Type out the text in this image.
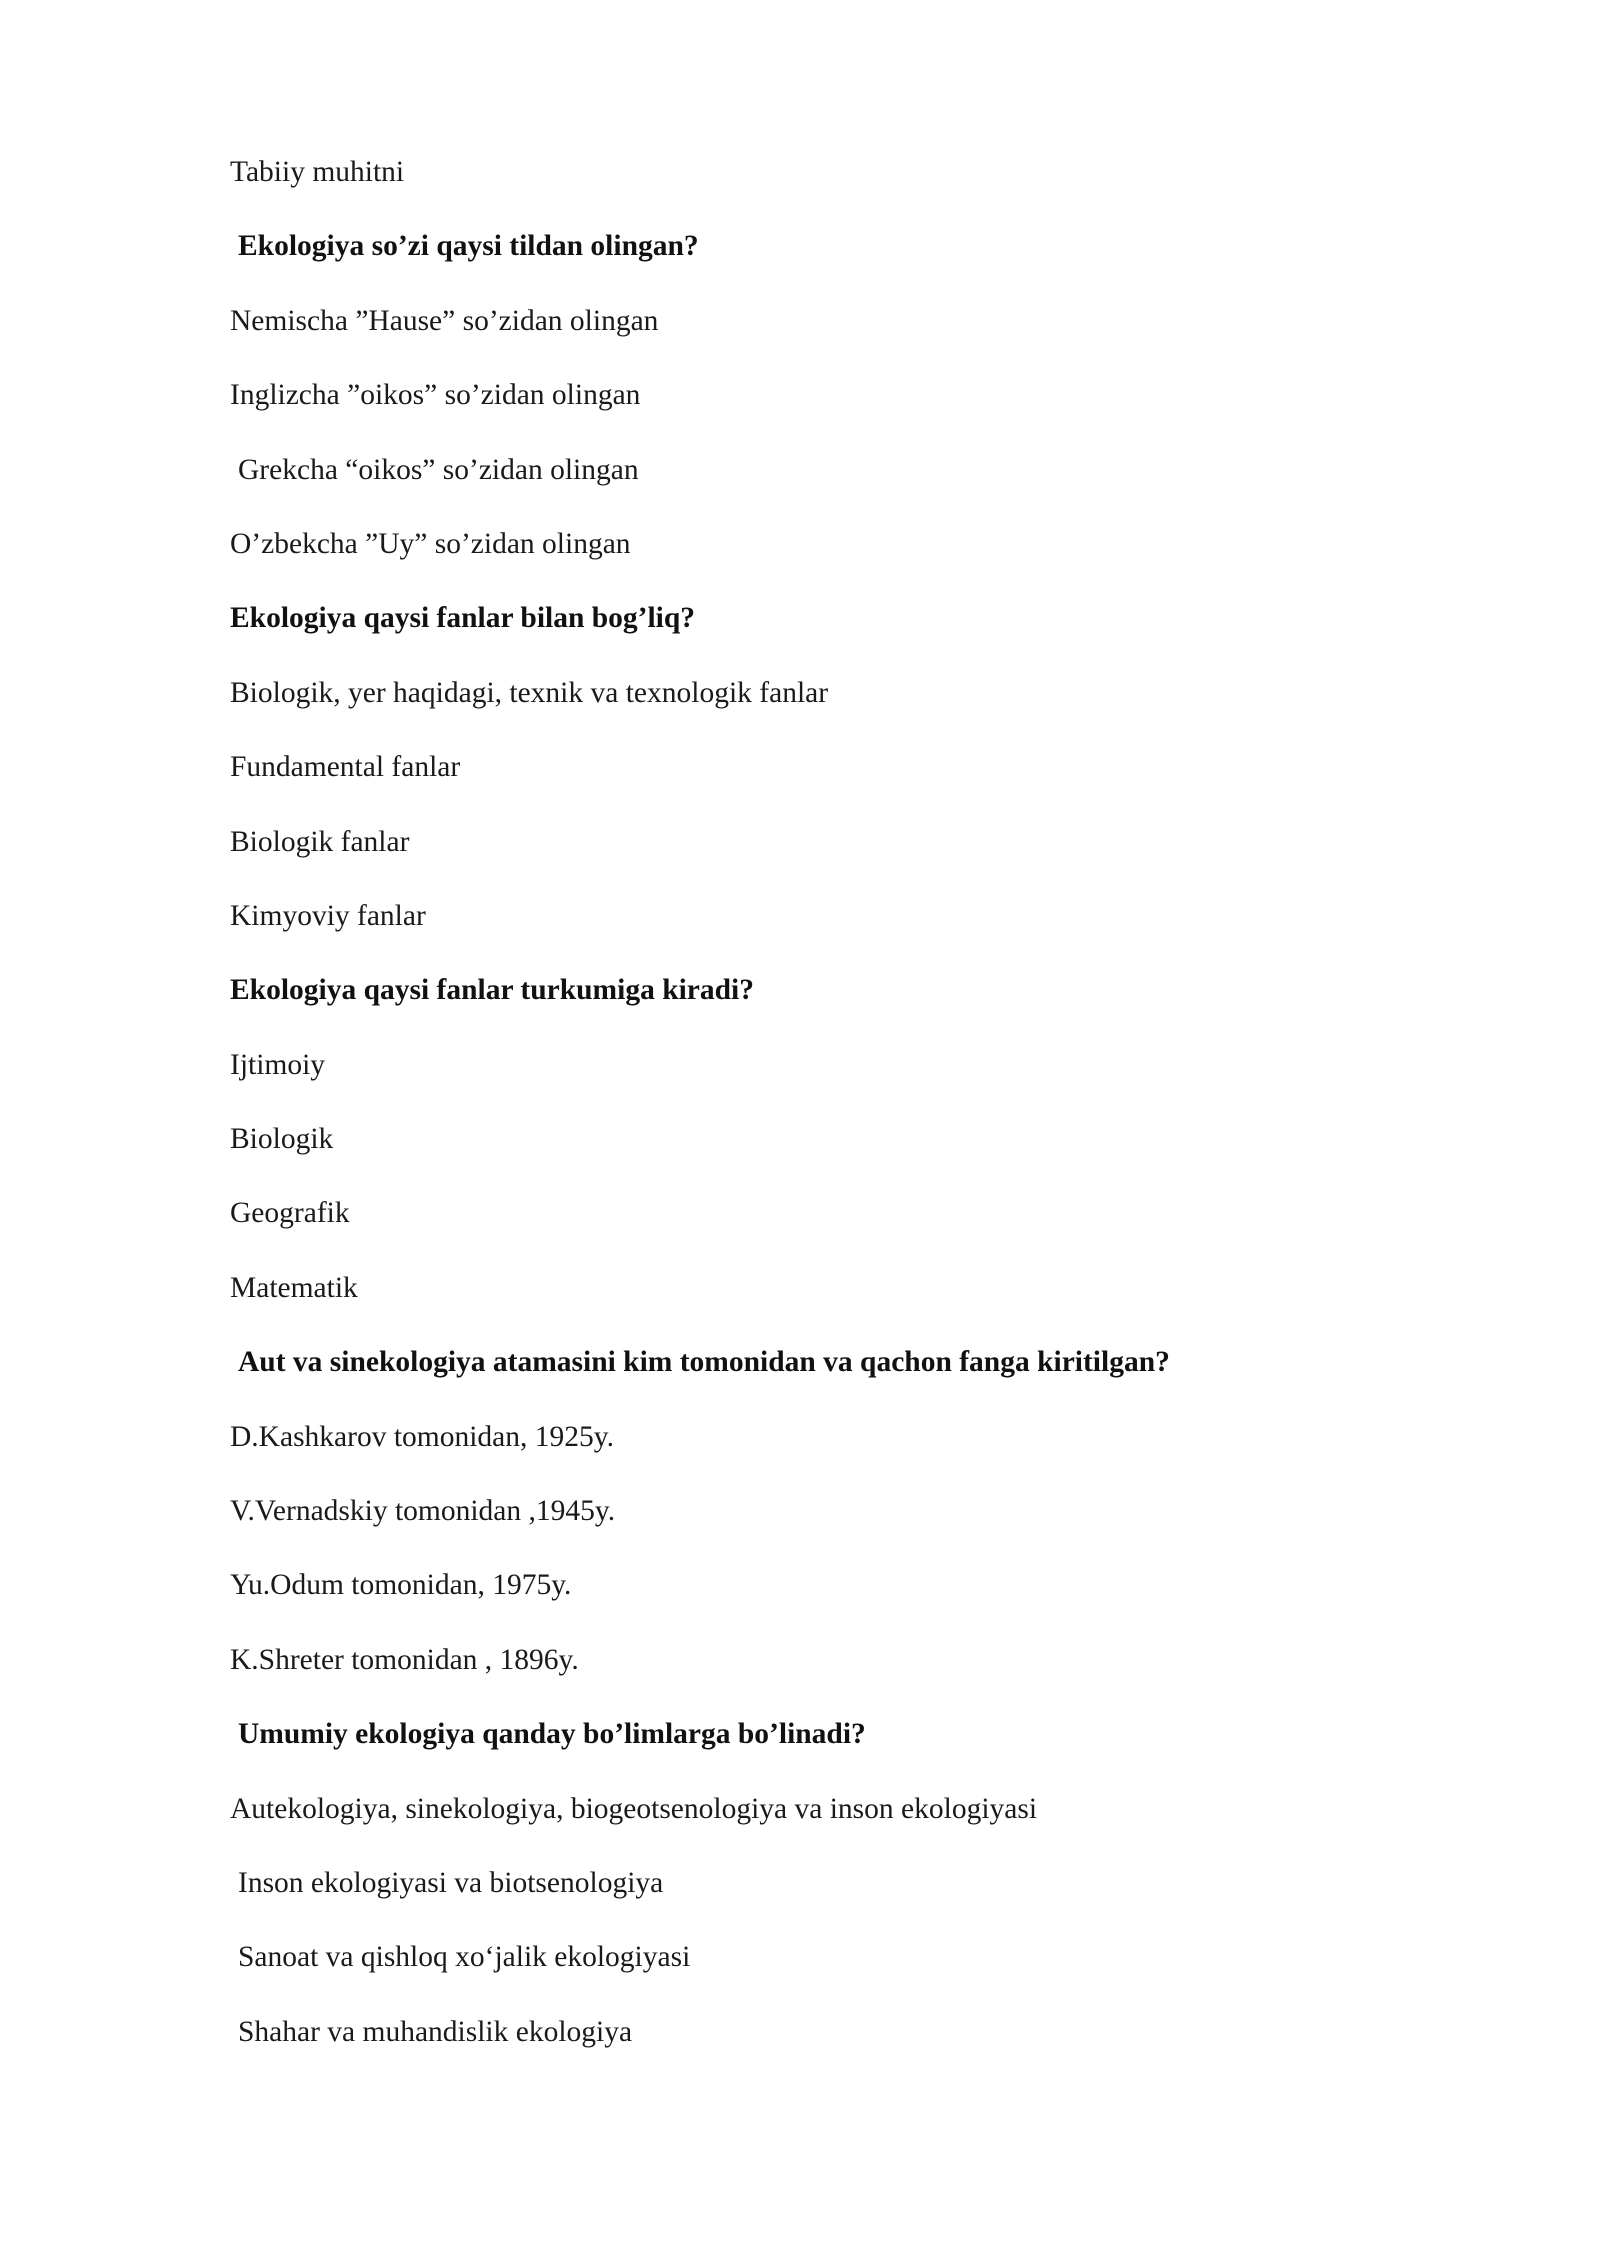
Tabiiy muhitni
Ekologiya so’zi qaysi tildan olingan?
Nemischa ”Hause” so’zidan olingan
Inglizcha ”oikos” so’zidan olingan
Grekcha “oikos” so’zidan olingan
O’zbekcha ”Uy” so’zidan olingan
Ekologiya qaysi fanlar bilan bog’liq?
Biologik, yer haqidagi, texnik va texnologik fanlar
Fundamental fanlar
Biologik fanlar
Kimyoviy fanlar
Ekologiya qaysi fanlar turkumiga kiradi?
Ijtimoiy
Biologik
Geografik
Matematik
Aut va sinekologiya atamasini kim tomonidan va qachon fanga kiritilgan?
D.Kashkarov tomonidan, 1925y.
V.Vernadskiy tomonidan ,1945y.
Yu.Odum tomonidan, 1975y.
K.Shreter tomonidan , 1896y.
Umumiy ekologiya qanday bo’limlarga bo’linadi?
Autekologiya, sinekologiya, biogeotsenologiya va inson ekologiyasi
Inson ekologiyasi va biotsenologiya
Sanoat va qishloq xo‘jalik ekologiyasi
Shahar va muhandislik ekologiya
